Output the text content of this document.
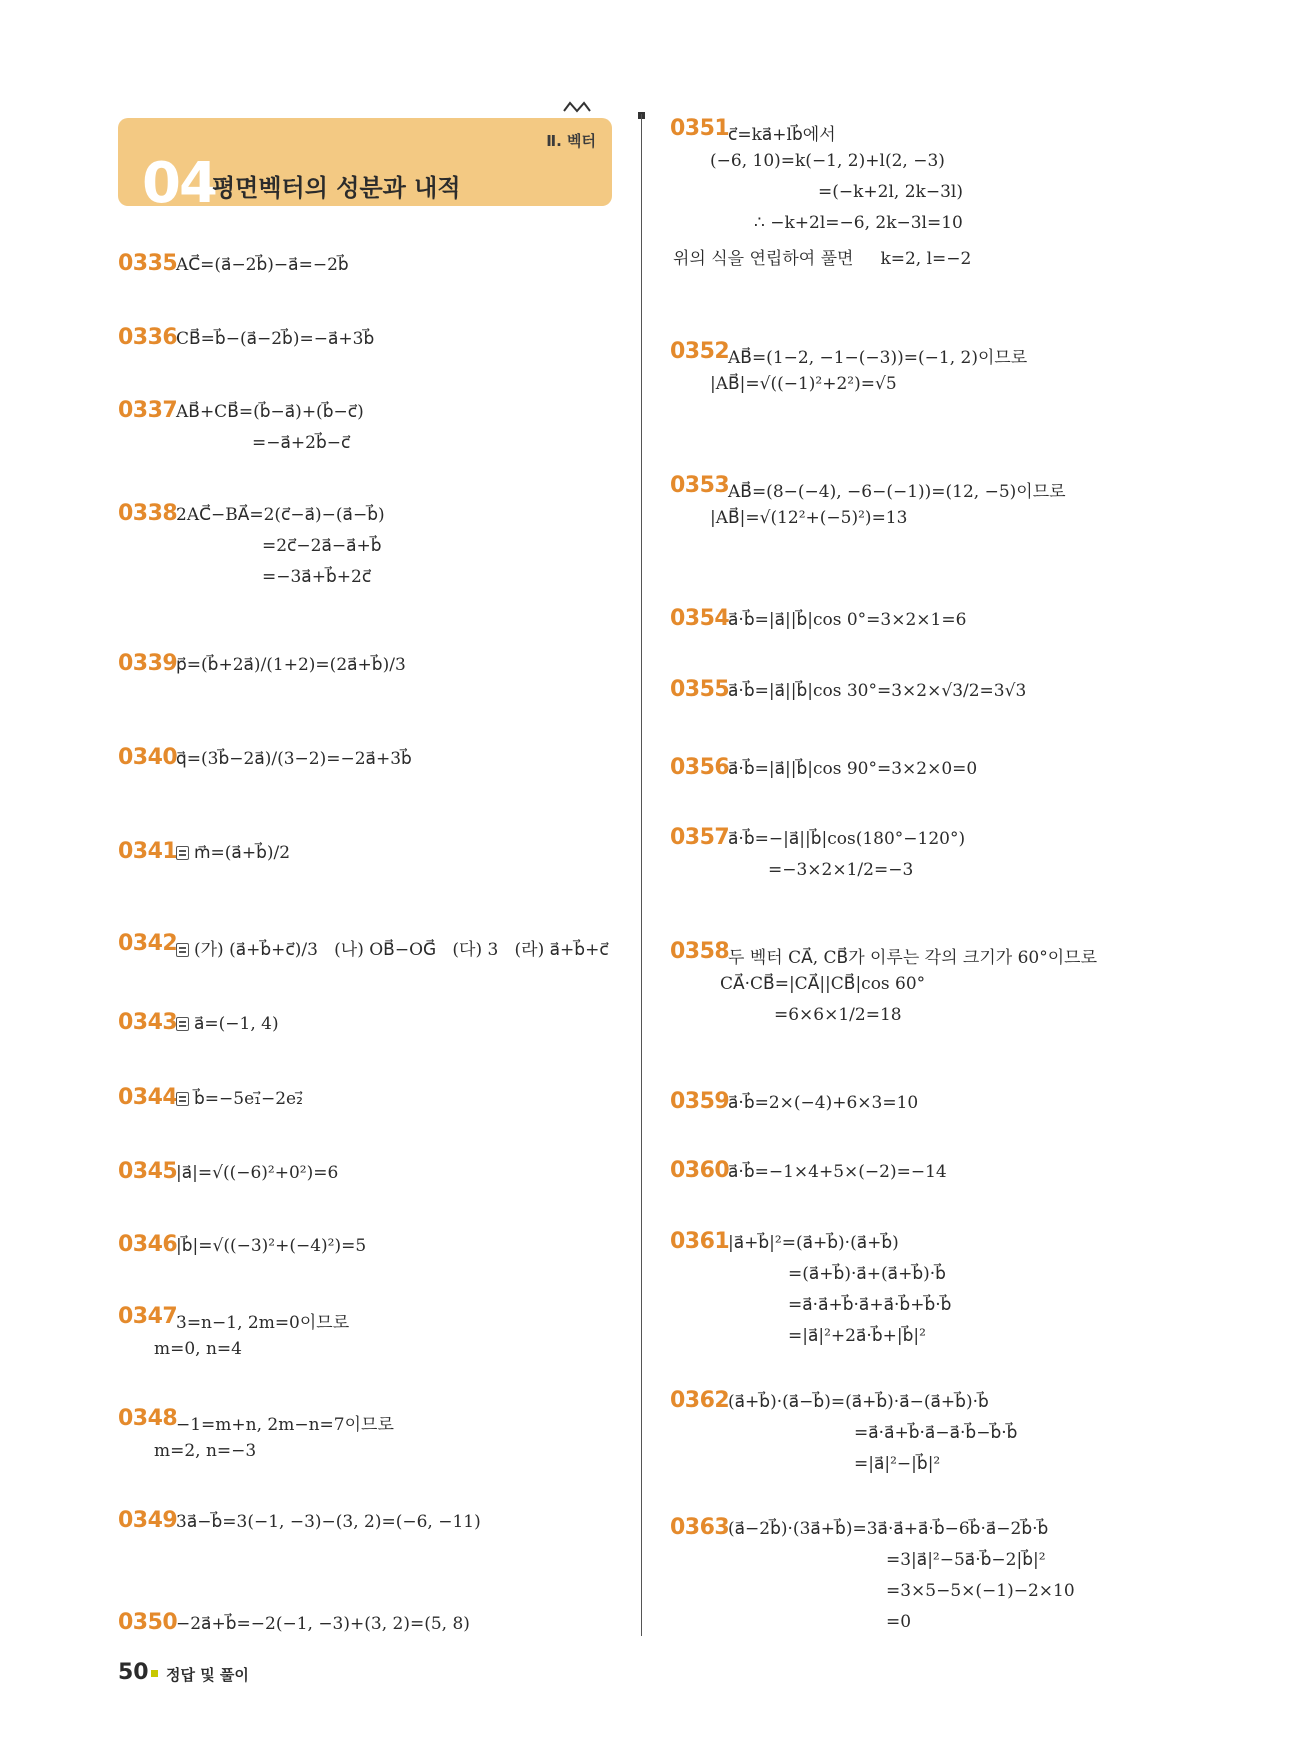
Ⅱ. 벡터
04
평면벡터의 성분과 내적
0335
AC⃗=(a⃗−2b⃗)−a⃗=−2b⃗
0336
CB⃗=b⃗−(a⃗−2b⃗)=−a⃗+3b⃗
0337
AB⃗+CB⃗=(b⃗−a⃗)+(b⃗−c⃗)
=−a⃗+2b⃗−c⃗
0338
2AC⃗−BA⃗=2(c⃗−a⃗)−(a⃗−b⃗)
=2c⃗−2a⃗−a⃗+b⃗
=−3a⃗+b⃗+2c⃗
0339
p⃗=(b⃗+2a⃗)/(1+2)=(2a⃗+b⃗)/3
0340
q⃗=(3b⃗−2a⃗)/(3−2)=−2a⃗+3b⃗
0341 m⃗=(a⃗+b⃗)/2
0342 (가) (a⃗+b⃗+c⃗)/3   (나) OB⃗−OG⃗   (다) 3   (라) a⃗+b⃗+c⃗
0343 a⃗=(−1, 4)
0344 b⃗=−5e₁⃗−2e₂⃗
0345
|a⃗|=√((−6)²+0²)=6
0346
|b⃗|=√((−3)²+(−4)²)=5
0347
3=n−1, 2m=0이므로
m=0, n=4
0348
−1=m+n, 2m−n=7이므로
m=2, n=−3
0349
3a⃗−b⃗=3(−1, −3)−(3, 2)=(−6, −11)
0350
−2a⃗+b⃗=−2(−1, −3)+(3, 2)=(5, 8)
0351
c⃗=ka⃗+lb⃗에서
(−6, 10)=k(−1, 2)+l(2, −3)
=(−k+2l, 2k−3l)
∴ −k+2l=−6, 2k−3l=10
위의 식을 연립하여 풀면     k=2, l=−2
0352
AB⃗=(1−2, −1−(−3))=(−1, 2)이므로
|AB⃗|=√((−1)²+2²)=√5
0353
AB⃗=(8−(−4), −6−(−1))=(12, −5)이므로
|AB⃗|=√(12²+(−5)²)=13
0354
a⃗·b⃗=|a⃗||b⃗|cos 0°=3×2×1=6
0355
a⃗·b⃗=|a⃗||b⃗|cos 30°=3×2×√3/2=3√3
0356
a⃗·b⃗=|a⃗||b⃗|cos 90°=3×2×0=0
0357
a⃗·b⃗=−|a⃗||b⃗|cos(180°−120°)
=−3×2×1/2=−3
0358
두 벡터 CA⃗, CB⃗가 이루는 각의 크기가 60°이므로
CA⃗·CB⃗=|CA⃗||CB⃗|cos 60°
=6×6×1/2=18
0359
a⃗·b⃗=2×(−4)+6×3=10
0360
a⃗·b⃗=−1×4+5×(−2)=−14
0361
|a⃗+b⃗|²=(a⃗+b⃗)·(a⃗+b⃗)
=(a⃗+b⃗)·a⃗+(a⃗+b⃗)·b⃗
=a⃗·a⃗+b⃗·a⃗+a⃗·b⃗+b⃗·b⃗
=|a⃗|²+2a⃗·b⃗+|b⃗|²
0362
(a⃗+b⃗)·(a⃗−b⃗)=(a⃗+b⃗)·a⃗−(a⃗+b⃗)·b⃗
=a⃗·a⃗+b⃗·a⃗−a⃗·b⃗−b⃗·b⃗
=|a⃗|²−|b⃗|²
0363
(a⃗−2b⃗)·(3a⃗+b⃗)=3a⃗·a⃗+a⃗·b⃗−6b⃗·a⃗−2b⃗·b⃗
=3|a⃗|²−5a⃗·b⃗−2|b⃗|²
=3×5−5×(−1)−2×10
=0
50 정답 및 풀이
